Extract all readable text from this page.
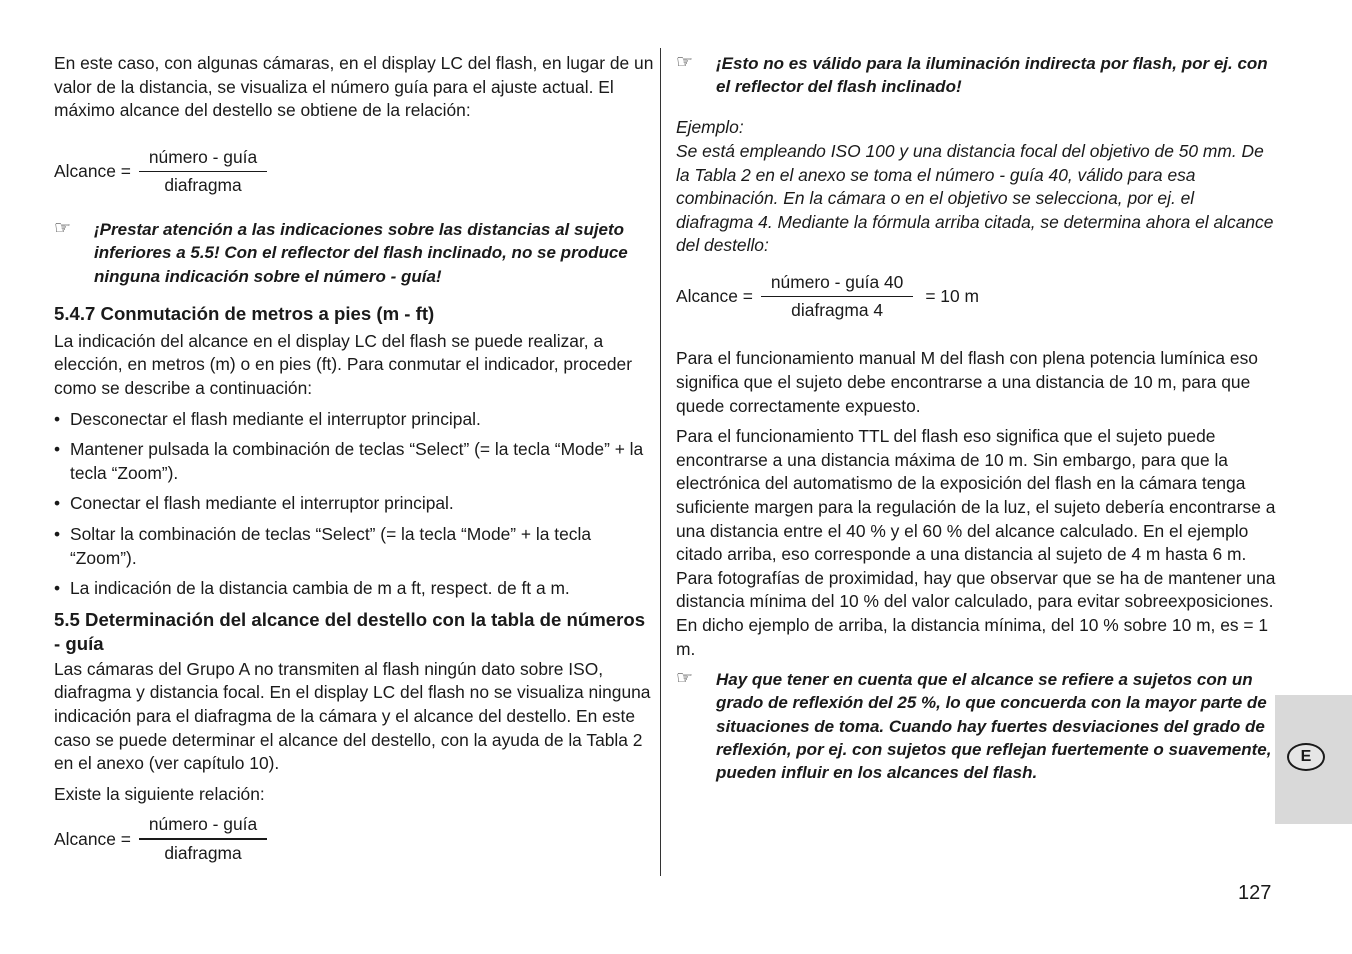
En este caso, con algunas cámaras, en el display LC del flash, en lugar de un valor de la distancia, se visualiza el número guía para el ajuste actual. El máximo alcance del destello se obtiene de la relación:

Alcance = $\frac{\text{número - guía}}{\text{diafragma}}$
☞ ¡Prestar atención a las indicaciones sobre las distancias al sujeto inferiores a 5.5! Con el reflector del flash inclinado, no se produce ninguna indicación sobre el número - guía!

5.4.7 Conmutación de metros a pies (m - ft)

La indicación del alcance en el display LC del flash se puede realizar, a elección, en metros (m) o en pies (ft). Para conmutar el indicador, proceder como se describe a continuación:

• Desconectar el flash mediante el interruptor principal.
• Mantener pulsada la combinación de teclas “Select” (= la tecla “Mode” + la tecla “Zoom”).
• Conectar el flash mediante el interruptor principal.
• Soltar la combinación de teclas “Select” (= la tecla “Mode” + la tecla “Zoom”).
• La indicación de la distancia cambia de m a ft, respect. de ft a m.
5.5 Determinación del alcance del destello con la tabla de números - guía

Las cámaras del Grupo A no transmiten al flash ningún dato sobre ISO, diafragma y distancia focal. En el display LC del flash no se visualiza ninguna indicación para el diafragma de la cámara y el alcance del destello. En este caso se puede determinar el alcance del destello, con la ayuda de la Tabla 2 en el anexo (ver capítulo 10).

Existe la siguiente relación:

Alcance = $\frac{\text{número - guía}}{\text{diafragma}}$
☞ ¡Esto no es válido para la iluminación indirecta por flash, por ej. con el reflector del flash inclinado!

Ejemplo:

Se está empleando ISO 100 y una distancia focal del objetivo de 50 mm. De la Tabla 2 en el anexo se toma el número - guía 40, válido para esa combinación. En la cámara o en el objetivo se selecciona, por ej. el diafragma 4. Mediante la fórmula arriba citada, se determina ahora el alcance del destello:

Alcance = $\frac{\text{número - guía 40}}{\text{diafragma 4}} = 10$ m

Para el funcionamiento manual M del flash con plena potencia lumínica eso significa que el sujeto debe encontrarse a una distancia de 10 m, para que quede correctamente expuesto.

Para el funcionamiento TTL del flash eso significa que el sujeto puede encontrarse a una distancia máxima de 10 m. Sin embargo, para que la electrónica del automatismo de la exposición del flash en la cámara tenga suficiente margen para la regulación de la luz, el sujeto debería encontrarse a una distancia entre el 40 % y el 60 % del alcance calculado. En el ejemplo citado arriba, eso corresponde a una distancia al sujeto de 4 m hasta 6 m. Para fotografías de proximidad, hay que observar que se ha de mantener una distancia mínima del 10 % del valor calculado, para evitar sobreexposiciones. En dicho ejemplo de arriba, la distancia mínima, del 10 % sobre 10 m, es = 1 m.

☞ Hay que tener en cuenta que el alcance se refiere a sujetos con un grado de reflexión del 25 %, lo que concuerda con la mayor parte de situaciones de toma. Cuando hay fuertes desviaciones del grado de reflexión, por ej. con sujetos que reflejan fuertemente o suavemente, pueden influir en los alcances del flash.

E
127
